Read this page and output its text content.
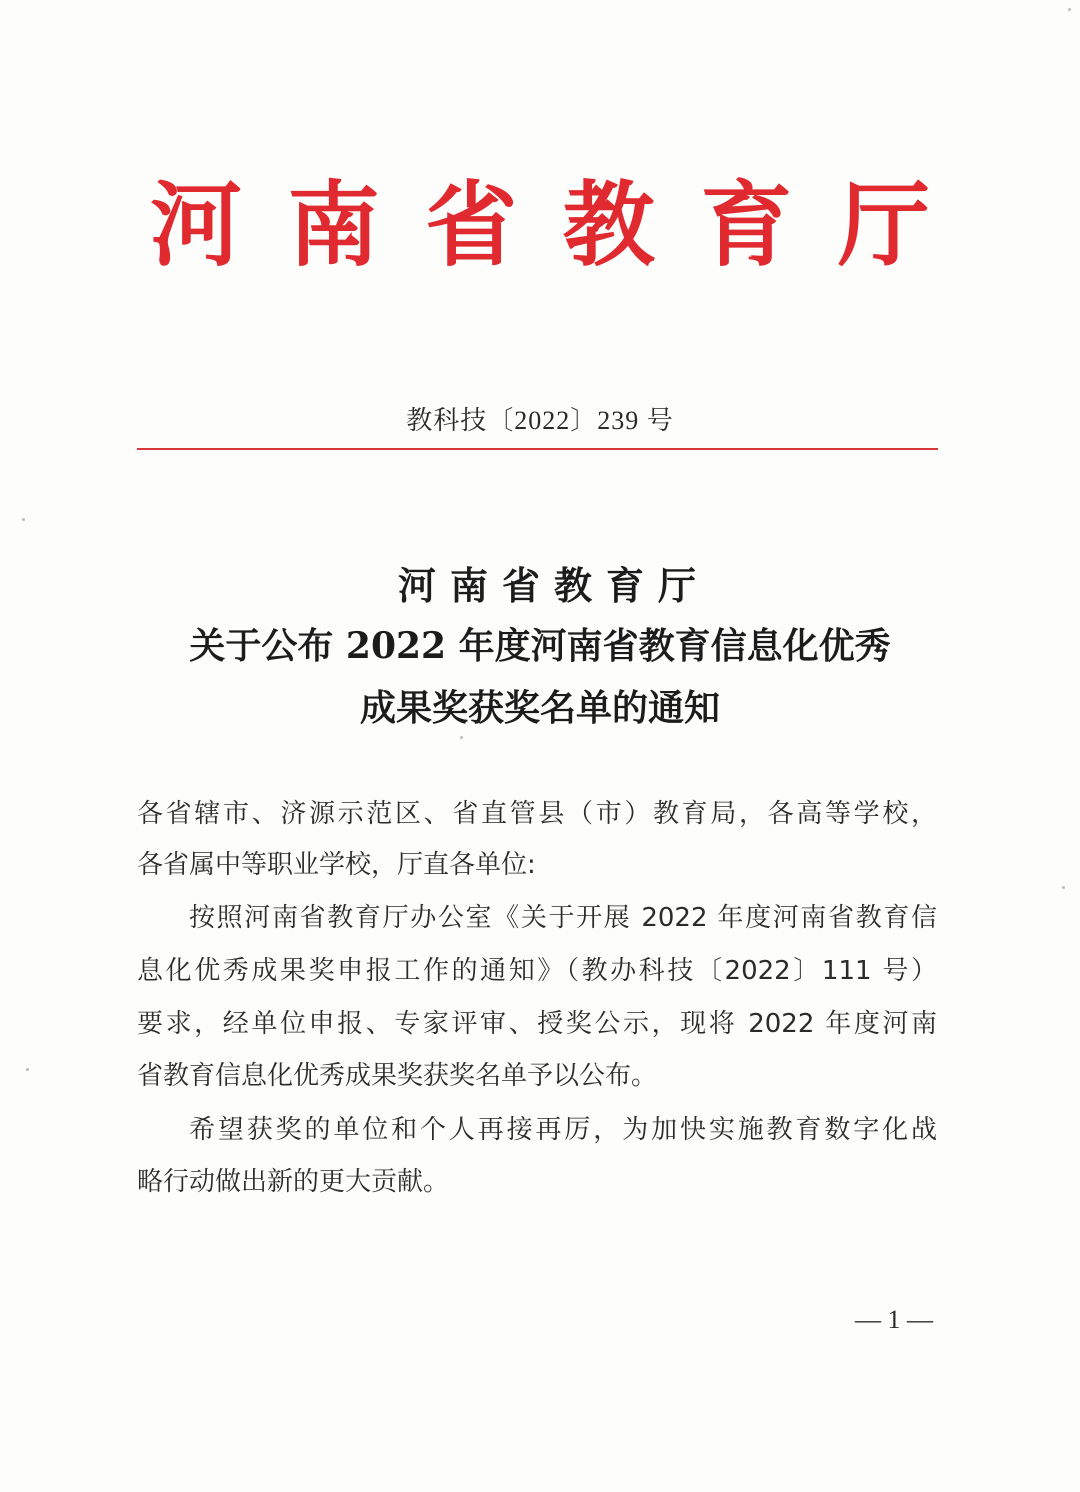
河 南 省 教 育 厅
教科技〔2022〕239 号
河南省教育厅
关于公布 2022 年度河南省教育信息化优秀
成果奖获奖名单的通知
各省辖市、济源示范区、省直管县（市）教育局，各高等学校，
各省属中等职业学校，厅直各单位:
按照河南省教育厅办公室《关于开展 2022 年度河南省教育信
息化优秀成果奖申报工作的通知》（教办科技〔2022〕111 号）
要求，经单位申报、专家评审、授奖公示，现将 2022 年度河南
省教育信息化优秀成果奖获奖名单予以公布。
希望获奖的单位和个人再接再厉，为加快实施教育数字化战
略行动做出新的更大贡献。
— 1 —
